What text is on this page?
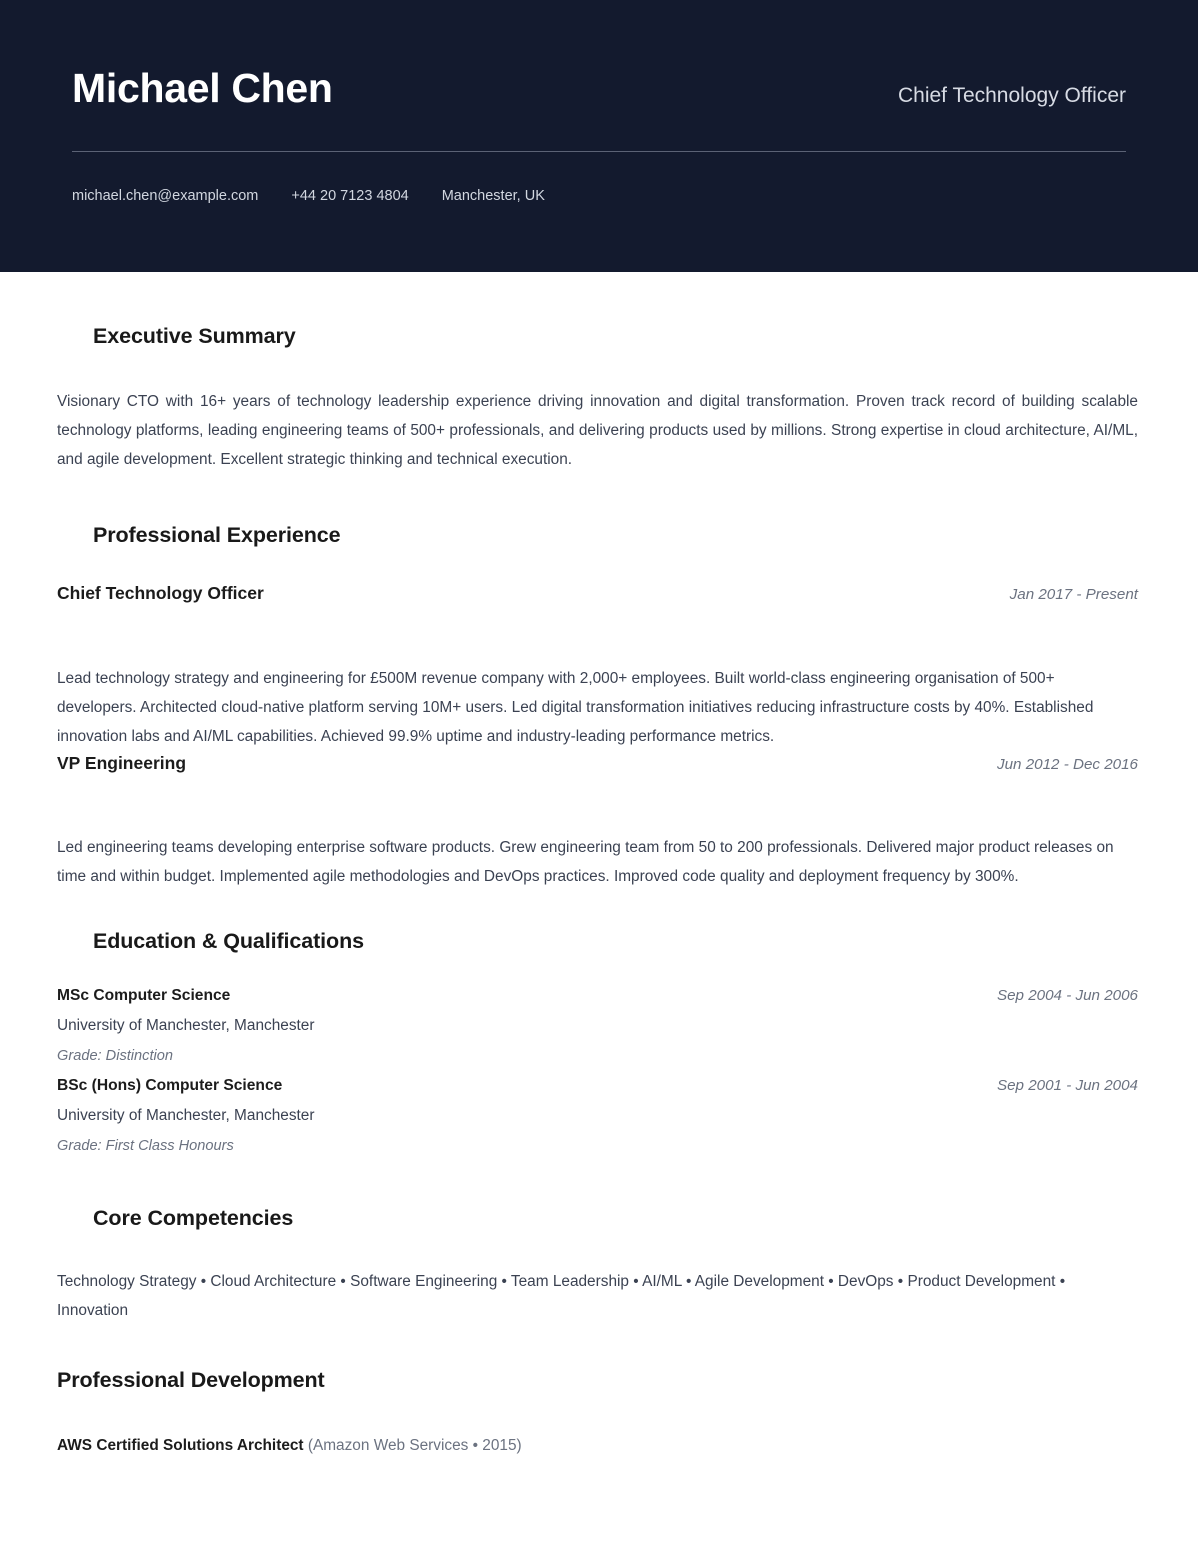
Michael Chen	Chief Technology Officer
michael.chen@example.com +44 20 7123 4804 Manchester, UK
Executive Summary

Visionary CTO with 16+ years of technology leadership experience driving innovation and digital transformation. Proven track record of building scalable technology platforms, leading engineering teams of 500+ professionals, and delivering products used by millions. Strong expertise in cloud architecture, AI/ML, and agile development. Excellent strategic thinking and technical execution.

Professional Experience
Chief Technology Officer	Jan 2017 - Present

Lead technology strategy and engineering for £500M revenue company with 2,000+ employees. Built world-class engineering organisation of 500+ developers. Architected cloud-native platform serving 10M+ users. Led digital transformation initiatives reducing infrastructure costs by 40%. Established innovation labs and AI/ML capabilities. Achieved 99.9% uptime and industry-leading performance metrics.

VP Engineering	Jun 2012 - Dec 2016

Led engineering teams developing enterprise software products. Grew engineering team from 50 to 200 professionals. Delivered major product releases on time and within budget. Implemented agile methodologies and DevOps practices. Improved code quality and deployment frequency by 300%.

Education & Qualifications
MSc Computer Science	Sep 2004 - Jun 2006
University of Manchester, Manchester
Grade: Distinction
BSc (Hons) Computer Science	Sep 2001 - Jun 2004
University of Manchester, Manchester
Grade: First Class Honours
Core Competencies

Technology Strategy • Cloud Architecture • Software Engineering • Team Leadership • AI/ML • Agile Development • DevOps • Product Development • Innovation

Professional Development
AWS Certified Solutions Architect (Amazon Web Services • 2015)
